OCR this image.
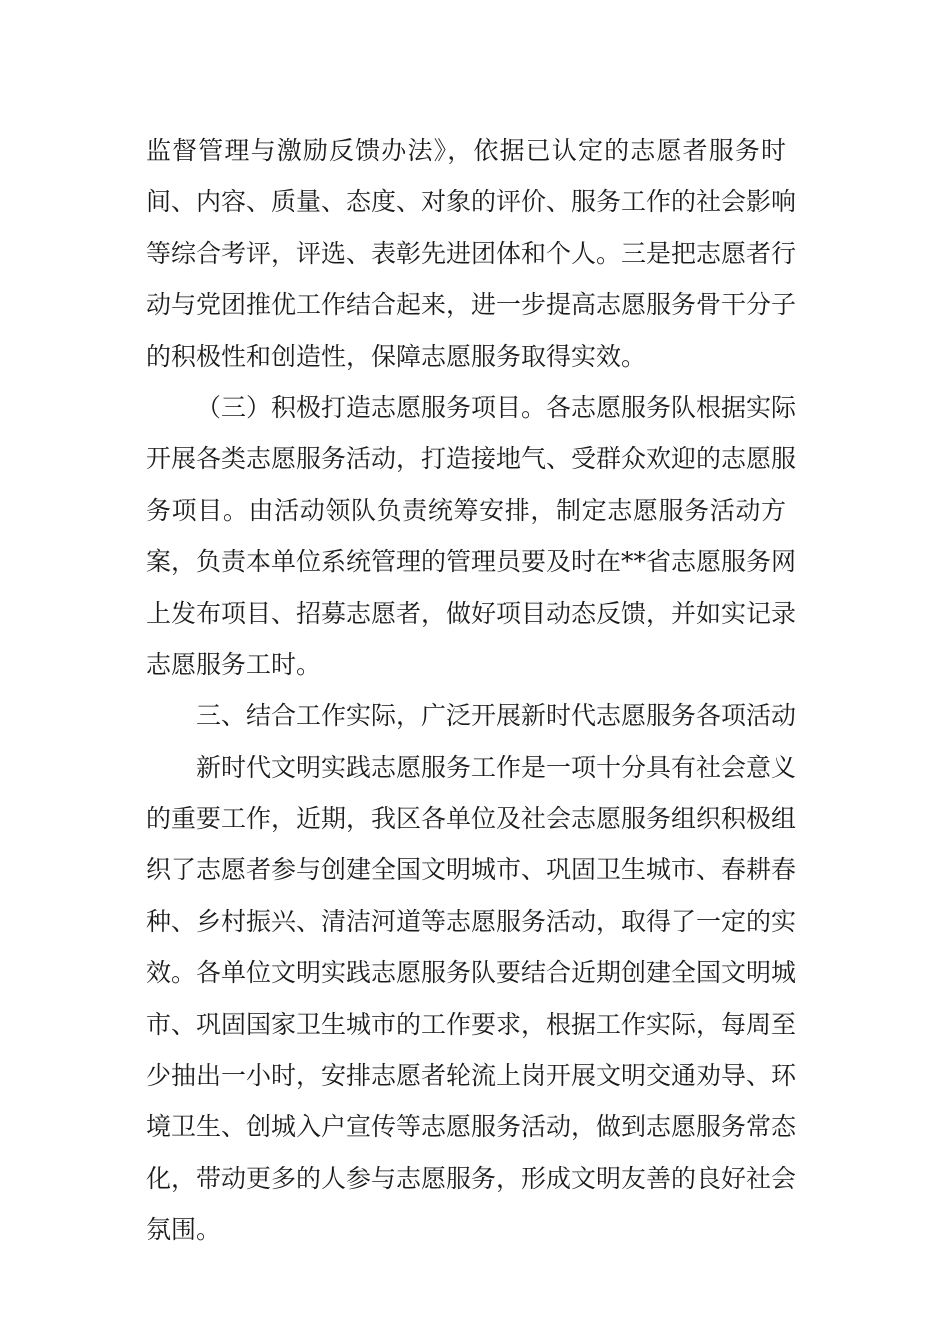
监督管理与激励反馈办法》，依据已认定的志愿者服务时
间、内容、质量、态度、对象的评价、服务工作的社会影响
等综合考评，评选、表彰先进团体和个人。三是把志愿者行
动与党团推优工作结合起来，进一步提高志愿服务骨干分子
的积极性和创造性，保障志愿服务取得实效。
（三）积极打造志愿服务项目。各志愿服务队根据实际
开展各类志愿服务活动，打造接地气、受群众欢迎的志愿服
务项目。由活动领队负责统筹安排，制定志愿服务活动方
案，负责本单位系统管理的管理员要及时在**省志愿服务网
上发布项目、招募志愿者，做好项目动态反馈，并如实记录
志愿服务工时。
三、结合工作实际，广泛开展新时代志愿服务各项活动
新时代文明实践志愿服务工作是一项十分具有社会意义
的重要工作，近期，我区各单位及社会志愿服务组织积极组
织了志愿者参与创建全国文明城市、巩固卫生城市、春耕春
种、乡村振兴、清洁河道等志愿服务活动，取得了一定的实
效。各单位文明实践志愿服务队要结合近期创建全国文明城
市、巩固国家卫生城市的工作要求，根据工作实际，每周至
少抽出一小时，安排志愿者轮流上岗开展文明交通劝导、环
境卫生、创城入户宣传等志愿服务活动，做到志愿服务常态
化，带动更多的人参与志愿服务，形成文明友善的良好社会
氛围。
